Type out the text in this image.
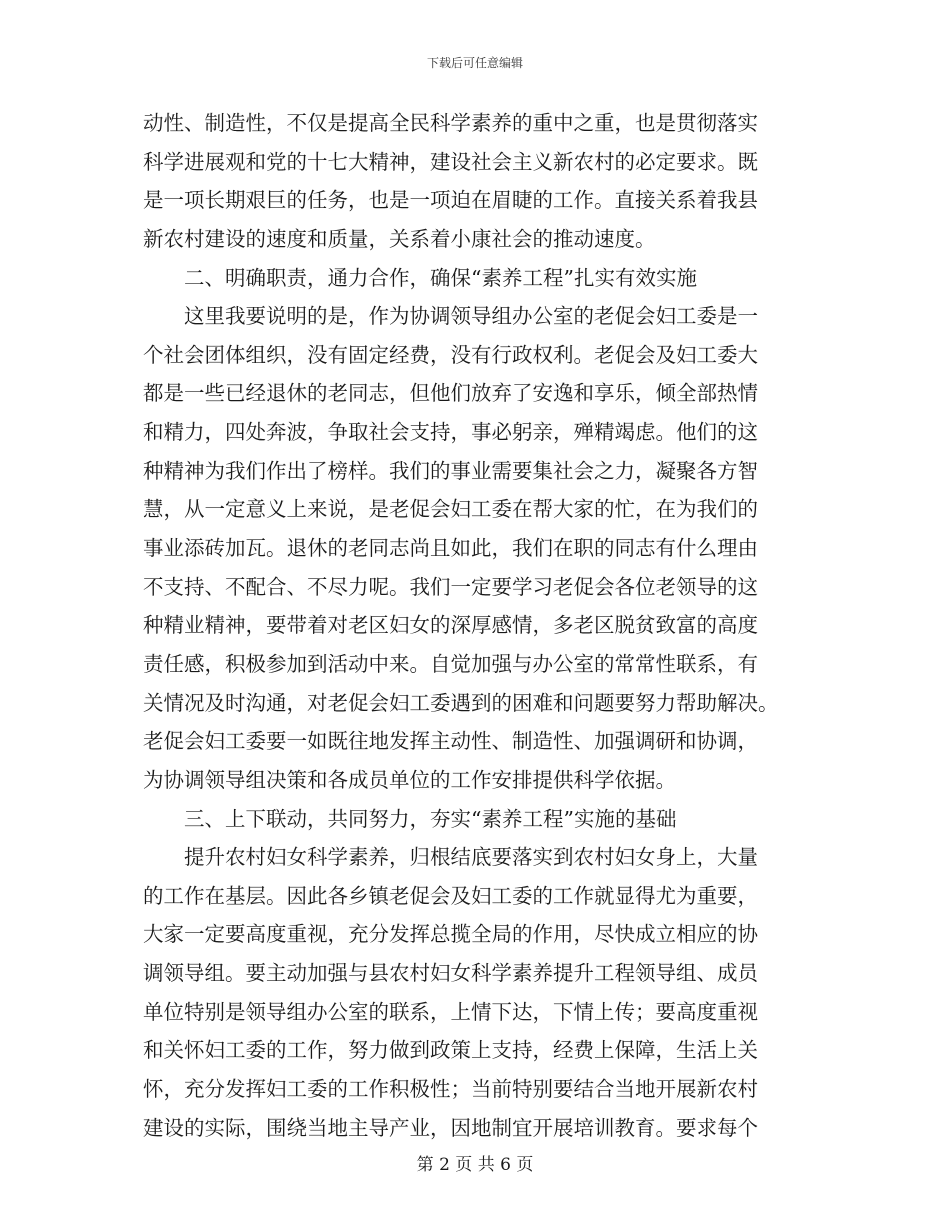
下载后可任意编辑
动性、制造性，不仅是提高全民科学素养的重中之重，也是贯彻落实
科学进展观和党的十七大精神，建设社会主义新农村的必定要求。既
是一项长期艰巨的任务，也是一项迫在眉睫的工作。直接关系着我县
新农村建设的速度和质量，关系着小康社会的推动速度。
二、明确职责，通力合作，确保“素养工程”扎实有效实施
这里我要说明的是，作为协调领导组办公室的老促会妇工委是一
个社会团体组织，没有固定经费，没有行政权利。老促会及妇工委大
都是一些已经退休的老同志，但他们放弃了安逸和享乐，倾全部热情
和精力，四处奔波，争取社会支持，事必躬亲，殚精竭虑。他们的这
种精神为我们作出了榜样。我们的事业需要集社会之力，凝聚各方智
慧，从一定意义上来说，是老促会妇工委在帮大家的忙，在为我们的
事业添砖加瓦。退休的老同志尚且如此，我们在职的同志有什么理由
不支持、不配合、不尽力呢。我们一定要学习老促会各位老领导的这
种精业精神，要带着对老区妇女的深厚感情，多老区脱贫致富的高度
责任感，积极参加到活动中来。自觉加强与办公室的常常性联系，有
关情况及时沟通，对老促会妇工委遇到的困难和问题要努力帮助解决。
老促会妇工委要一如既往地发挥主动性、制造性、加强调研和协调，
为协调领导组决策和各成员单位的工作安排提供科学依据。
三、上下联动，共同努力，夯实“素养工程”实施的基础
提升农村妇女科学素养，归根结底要落实到农村妇女身上，大量
的工作在基层。因此各乡镇老促会及妇工委的工作就显得尤为重要，
大家一定要高度重视，充分发挥总揽全局的作用，尽快成立相应的协
调领导组。要主动加强与县农村妇女科学素养提升工程领导组、成员
单位特别是领导组办公室的联系，上情下达，下情上传；要高度重视
和关怀妇工委的工作，努力做到政策上支持，经费上保障，生活上关
怀，充分发挥妇工委的工作积极性；当前特别要结合当地开展新农村
建设的实际，围绕当地主导产业，因地制宜开展培训教育。要求每个
第 2 页 共 6 页
